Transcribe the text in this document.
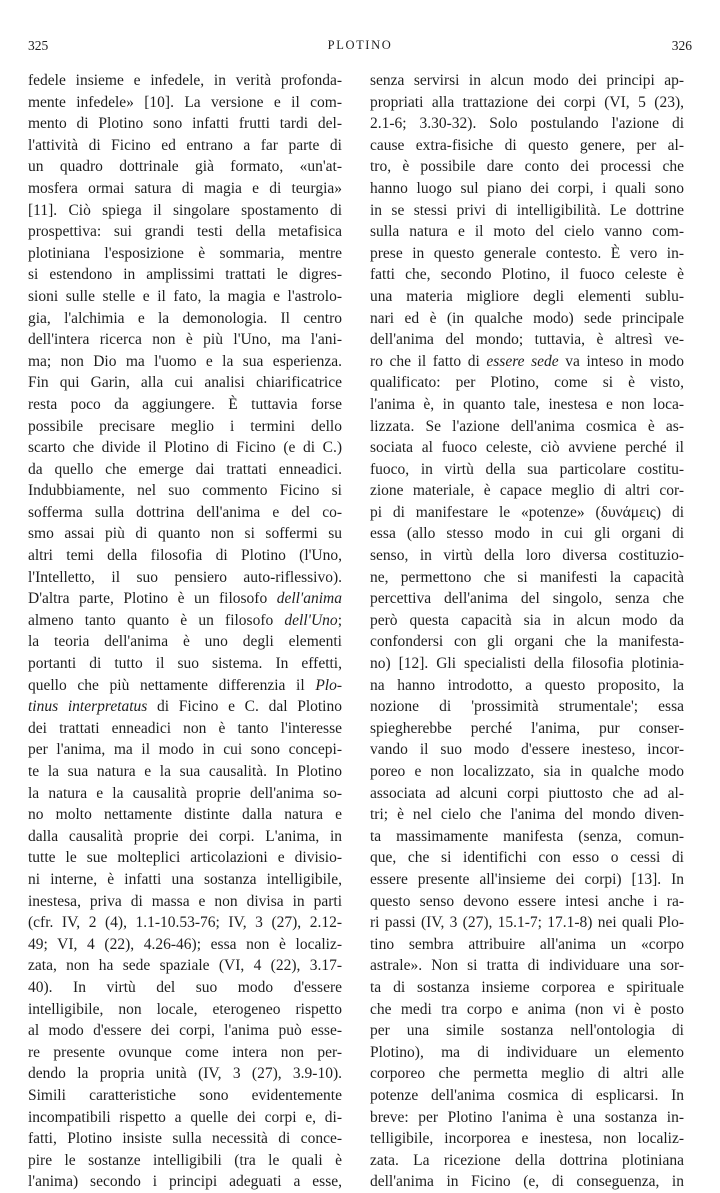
325	PLOTINO	326
fedele insieme e infedele, in verità profonda-
mente infedele» [10]. La versione e il com-
mento di Plotino sono infatti frutti tardi del-
l'attività di Ficino ed entrano a far parte di
un quadro dottrinale già formato, «un'at-
mosfera ormai satura di magia e di teurgia»
[11]. Ciò spiega il singolare spostamento di
prospettiva: sui grandi testi della metafisica
plotiniana l'esposizione è sommaria, mentre
si estendono in amplissimi trattati le digres-
sioni sulle stelle e il fato, la magia e l'astrolo-
gia, l'alchimia e la demonologia. Il centro
dell'intera ricerca non è più l'Uno, ma l'ani-
ma; non Dio ma l'uomo e la sua esperienza.
Fin qui Garin, alla cui analisi chiarificatrice
resta poco da aggiungere. È tuttavia forse
possibile precisare meglio i termini dello
scarto che divide il Plotino di Ficino (e di C.)
da quello che emerge dai trattati enneadici.
Indubbiamente, nel suo commento Ficino si
sofferma sulla dottrina dell'anima e del co-
smo assai più di quanto non si soffermi su
altri temi della filosofia di Plotino (l'Uno,
l'Intelletto, il suo pensiero auto-riflessivo).
D'altra parte, Plotino è un filosofo dell'anima
almeno tanto quanto è un filosofo dell'Uno;
la teoria dell'anima è uno degli elementi
portanti di tutto il suo sistema. In effetti,
quello che più nettamente differenzia il Plo-
tinus interpretatus di Ficino e C. dal Plotino
dei trattati enneadici non è tanto l'interesse
per l'anima, ma il modo in cui sono concepi-
te la sua natura e la sua causalità. In Plotino
la natura e la causalità proprie dell'anima so-
no molto nettamente distinte dalla natura e
dalla causalità proprie dei corpi. L'anima, in
tutte le sue molteplici articolazioni e divisio-
ni interne, è infatti una sostanza intelligibile,
inestesa, priva di massa e non divisa in parti
(cfr. IV, 2 (4), 1.1-10.53-76; IV, 3 (27), 2.12-
49; VI, 4 (22), 4.26-46); essa non è localiz-
zata, non ha sede spaziale (VI, 4 (22), 3.17-
40). In virtù del suo modo d'essere
intelligibile, non locale, eterogeneo rispetto
al modo d'essere dei corpi, l'anima può esse-
re presente ovunque come intera non per-
dendo la propria unità (IV, 3 (27), 3.9-10).
Simili caratteristiche sono evidentemente
incompatibili rispetto a quelle dei corpi e, di-
fatti, Plotino insiste sulla necessità di conce-
pire le sostanze intelligibili (tra le quali è
l'anima) secondo i principi adeguati a esse,
senza servirsi in alcun modo dei principi ap-
propriati alla trattazione dei corpi (VI, 5 (23),
2.1-6; 3.30-32). Solo postulando l'azione di
cause extra-fisiche di questo genere, per al-
tro, è possibile dare conto dei processi che
hanno luogo sul piano dei corpi, i quali sono
in se stessi privi di intelligibilità. Le dottrine
sulla natura e il moto del cielo vanno com-
prese in questo generale contesto. È vero in-
fatti che, secondo Plotino, il fuoco celeste è
una materia migliore degli elementi sublu-
nari ed è (in qualche modo) sede principale
dell'anima del mondo; tuttavia, è altresì ve-
ro che il fatto di essere sede va inteso in modo
qualificato: per Plotino, come si è visto,
l'anima è, in quanto tale, inestesa e non loca-
lizzata. Se l'azione dell'anima cosmica è as-
sociata al fuoco celeste, ciò avviene perché il
fuoco, in virtù della sua particolare costitu-
zione materiale, è capace meglio di altri cor-
pi di manifestare le «potenze» (δυνάμεις) di
essa (allo stesso modo in cui gli organi di
senso, in virtù della loro diversa costituzio-
ne, permettono che si manifesti la capacità
percettiva dell'anima del singolo, senza che
però questa capacità sia in alcun modo da
confondersi con gli organi che la manifesta-
no) [12]. Gli specialisti della filosofia plotinia-
na hanno introdotto, a questo proposito, la
nozione di 'prossimità strumentale'; essa
spiegherebbe perché l'anima, pur conser-
vando il suo modo d'essere inesteso, incor-
poreo e non localizzato, sia in qualche modo
associata ad alcuni corpi piuttosto che ad al-
tri; è nel cielo che l'anima del mondo diven-
ta massimamente manifesta (senza, comun-
que, che si identifichi con esso o cessi di
essere presente all'insieme dei corpi) [13]. In
questo senso devono essere intesi anche i ra-
ri passi (IV, 3 (27), 15.1-7; 17.1-8) nei quali Plo-
tino sembra attribuire all'anima un «corpo
astrale». Non si tratta di individuare una sor-
ta di sostanza insieme corporea e spirituale
che medi tra corpo e anima (non vi è posto
per una simile sostanza nell'ontologia di
Plotino), ma di individuare un elemento
corporeo che permetta meglio di altri alle
potenze dell'anima cosmica di esplicarsi. In
breve: per Plotino l'anima è una sostanza in-
telligibile, incorporea e inestesa, non localiz-
zata. La ricezione della dottrina plotiniana
dell'anima in Ficino (e, di conseguenza, in
